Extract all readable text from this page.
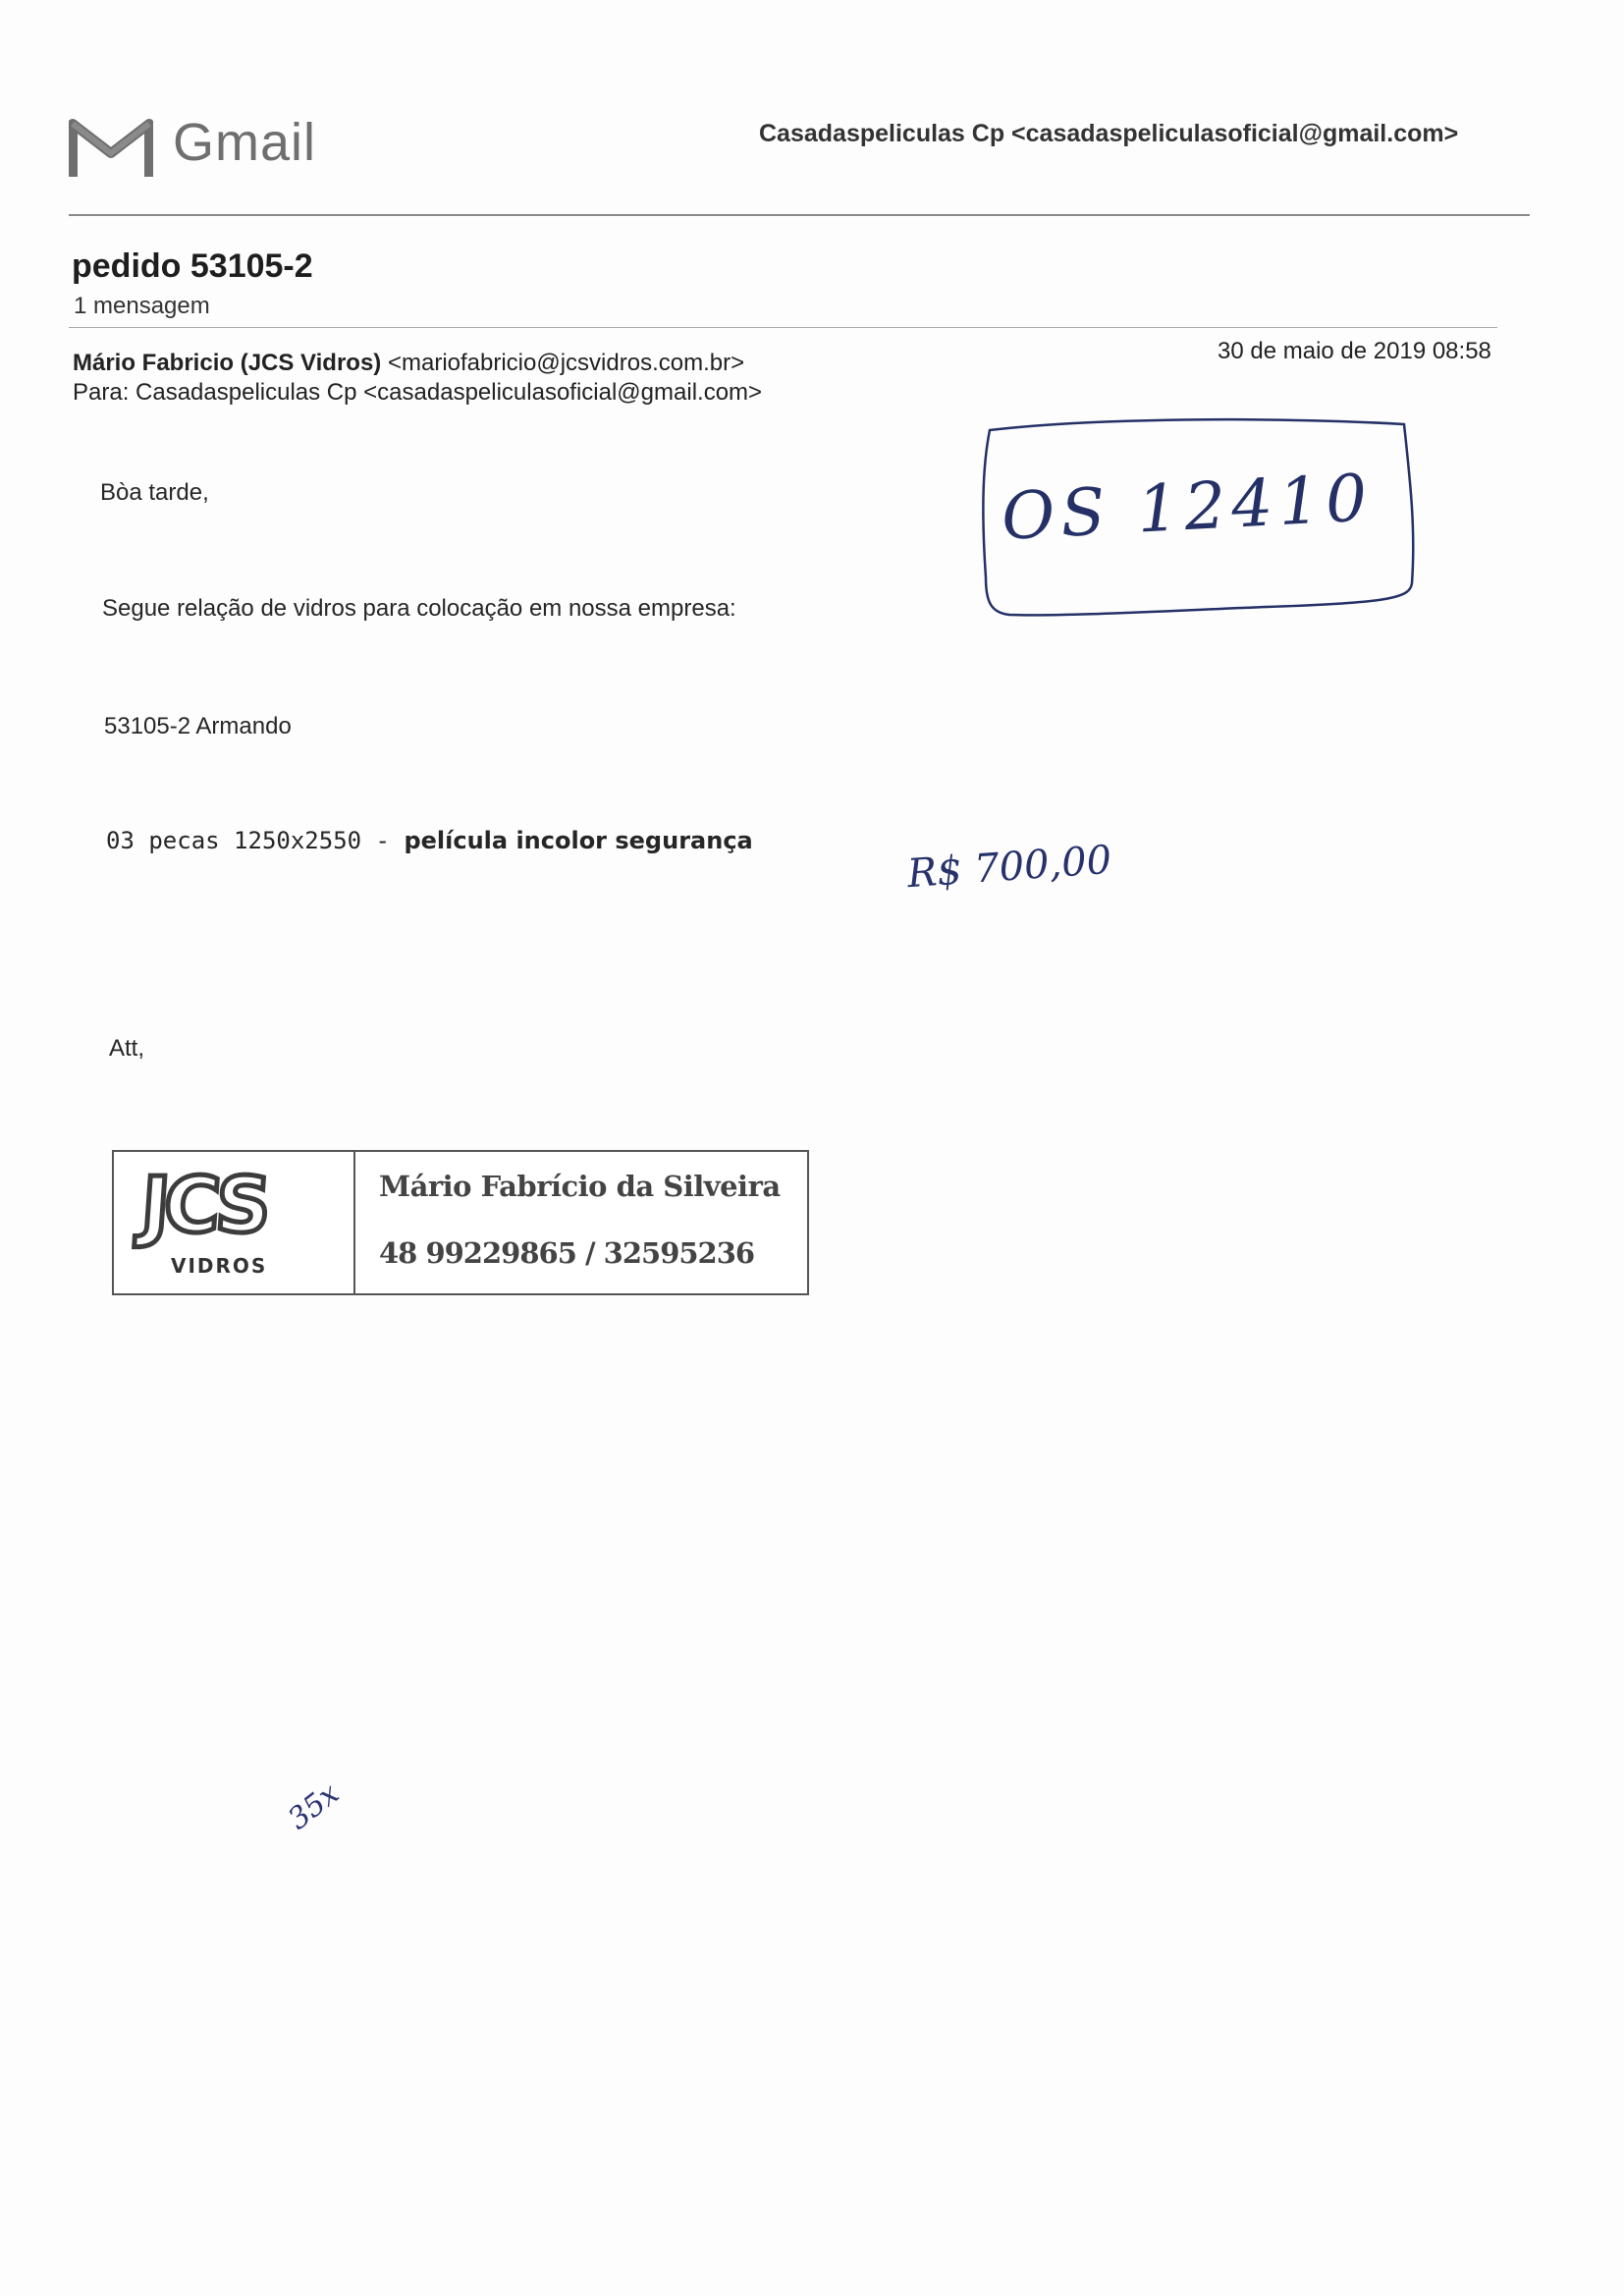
Gmail	Casadaspeliculas Cp <casadaspeliculasoficial@gmail.com>
pedido 53105-2
1 mensagem
Mário Fabricio (JCS Vidros) <mariofabricio@jcsvidros.com.br>
Para: Casadaspeliculas Cp <casadaspeliculasoficial@gmail.com>
30 de maio de 2019 08:58
Bòa tarde,
Segue relação de vidros para colocação em nossa empresa:
53105-2 Armando
03 pecas 1250x2550 - película incolor segurança
Att,
JCS
VIDROS
Mário Fabrício da Silveira
48 99229865 / 32595236
OS 12410
R$ 700,00
35x
